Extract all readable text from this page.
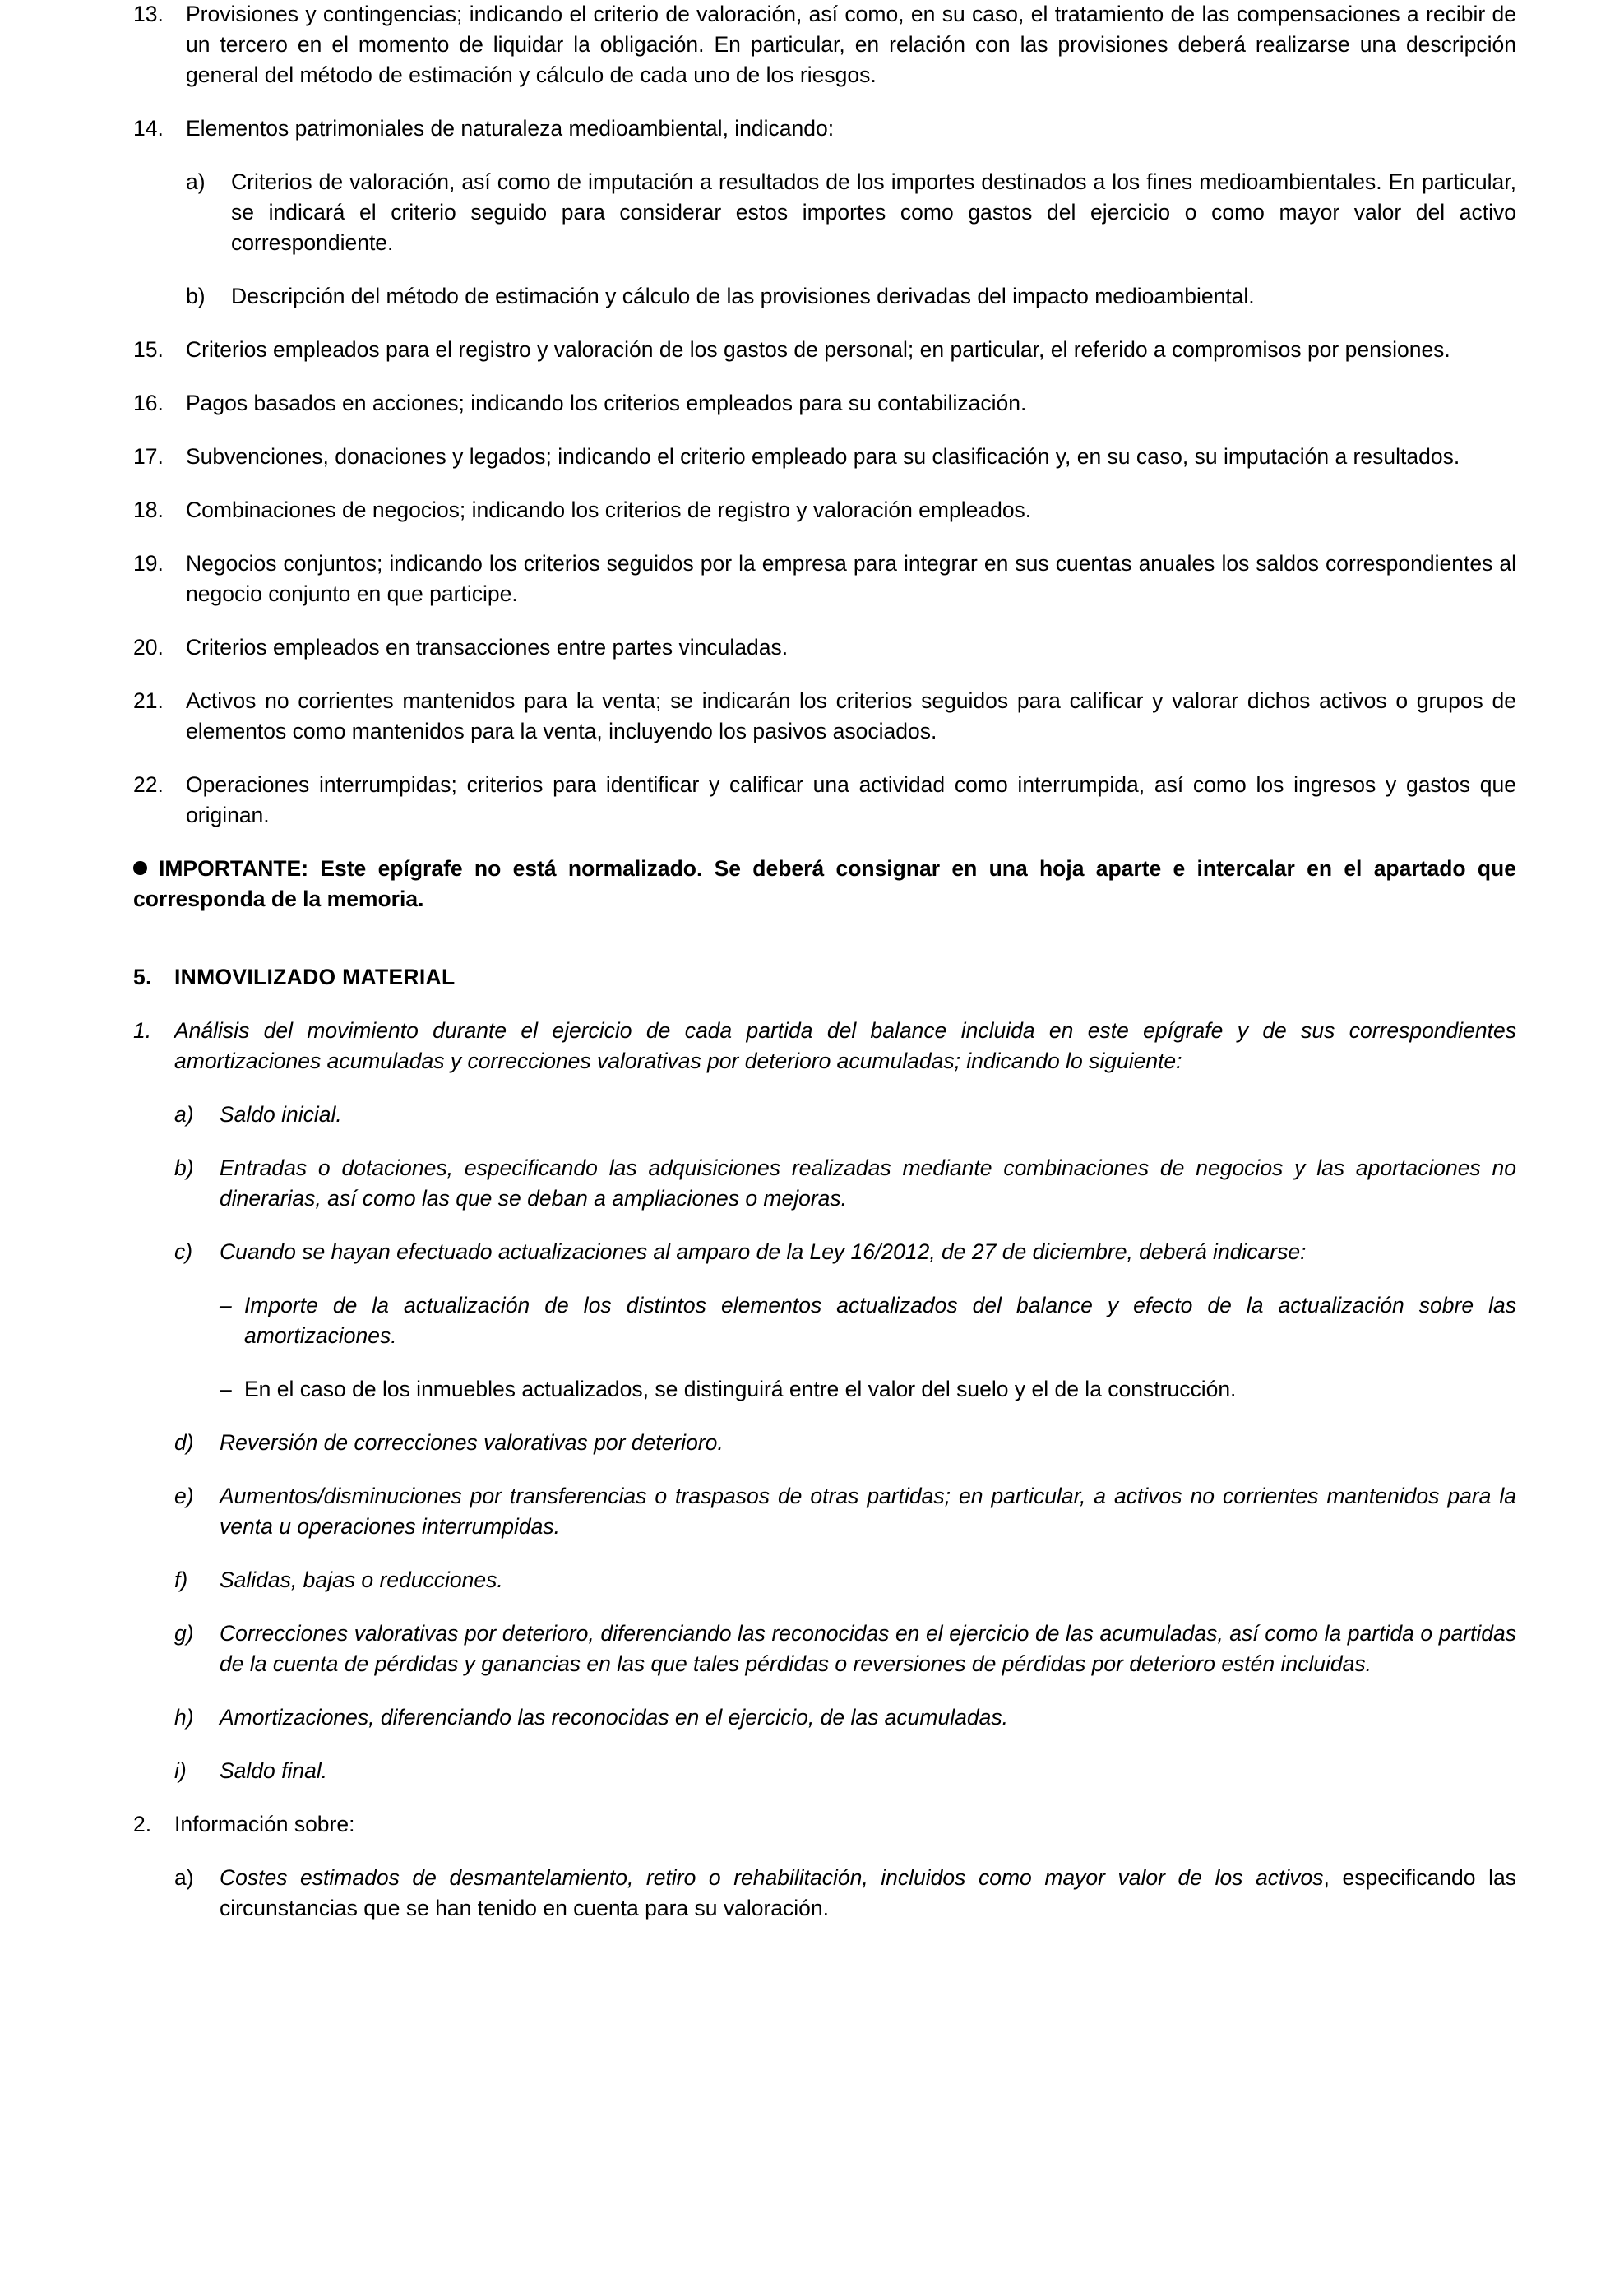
13.	Provisiones y contingencias; indicando el criterio de valoración, así como, en su caso, el tratamiento de las compensaciones a recibir de un tercero en el momento de liquidar la obligación. En particular, en relación con las provisiones deberá realizarse una descripción general del método de estimación y cálculo de cada uno de los riesgos.
14.	Elementos patrimoniales de naturaleza medioambiental, indicando:
a)	Criterios de valoración, así como de imputación a resultados de los importes destinados a los fines medioambientales. En particular, se indicará el criterio seguido para considerar estos importes como gastos del ejercicio o como mayor valor del activo correspondiente.
b)	Descripción del método de estimación y cálculo de las provisiones derivadas del impacto medioambiental.
15.	Criterios empleados para el registro y valoración de los gastos de personal; en particular, el referido a compromisos por pensiones.
16.	Pagos basados en acciones; indicando los criterios empleados para su contabilización.
17.	Subvenciones, donaciones y legados; indicando el criterio empleado para su clasificación y, en su caso, su imputación a resultados.
18.	Combinaciones de negocios; indicando los criterios de registro y valoración empleados.
19.	Negocios conjuntos; indicando los criterios seguidos por la empresa para integrar en sus cuentas anuales los saldos correspondientes al negocio conjunto en que participe.
20.	Criterios empleados en transacciones entre partes vinculadas.
21.	Activos no corrientes mantenidos para la venta; se indicarán los criterios seguidos para calificar y valorar dichos activos o grupos de elementos como mantenidos para la venta, incluyendo los pasivos asociados.
22.	Operaciones interrumpidas; criterios para identificar y calificar una actividad como interrumpida, así como los ingresos y gastos que originan.

IMPORTANTE: Este epígrafe no está normalizado. Se deberá consignar en una hoja aparte e intercalar en el apartado que corresponda de la memoria.

5.	INMOVILIZADO MATERIAL
1.	Análisis del movimiento durante el ejercicio de cada partida del balance incluida en este epígrafe y de sus correspondientes amortizaciones acumuladas y correcciones valorativas por deterioro acumuladas; indicando lo siguiente:
a)	Saldo inicial.
b)	Entradas o dotaciones, especificando las adquisiciones realizadas mediante combinaciones de negocios y las aportaciones no dinerarias, así como las que se deban a ampliaciones o mejoras.
c)	Cuando se hayan efectuado actualizaciones al amparo de la Ley 16/2012, de 27 de diciembre, deberá indicarse:
– Importe de la actualización de los distintos elementos actualizados del balance y efecto de la actualización sobre las amortizaciones.
– En el caso de los inmuebles actualizados, se distinguirá entre el valor del suelo y el de la construcción.
d)	Reversión de correcciones valorativas por deterioro.
e)	Aumentos/disminuciones por transferencias o traspasos de otras partidas; en particular, a activos no corrientes mantenidos para la venta u operaciones interrumpidas.
f)	Salidas, bajas o reducciones.
g)	Correcciones valorativas por deterioro, diferenciando las reconocidas en el ejercicio de las acumuladas, así como la partida o partidas de la cuenta de pérdidas y ganancias en las que tales pérdidas o reversiones de pérdidas por deterioro estén incluidas.
h)	Amortizaciones, diferenciando las reconocidas en el ejercicio, de las acumuladas.
i)	Saldo final.
2.	Información sobre:
a)	Costes estimados de desmantelamiento, retiro o rehabilitación, incluidos como mayor valor de los activos, especificando las circunstancias que se han tenido en cuenta para su valoración.
